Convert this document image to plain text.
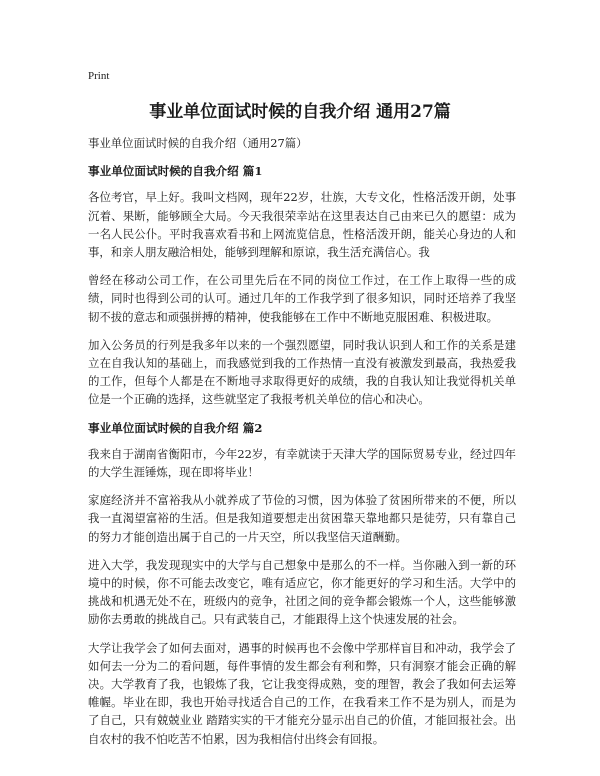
Print
事业单位面试时候的自我介绍 通用27篇

事业单位面试时候的自我介绍（通用27篇）

事业单位面试时候的自我介绍 篇1

各位考官，早上好。我叫文档网，现年22岁，壮族，大专文化，性格活泼开朗，处事沉着、果断，能够顾全大局。今天我很荣幸站在这里表达自己由来已久的愿望：成为一名人民公仆。平时我喜欢看书和上网流览信息，性格活泼开朗，能关心身边的人和事，和亲人朋友融洽相处，能够到理解和原谅，我生活充满信心。我

曾经在移动公司工作，在公司里先后在不同的岗位工作过，在工作上取得一些的成绩，同时也得到公司的认可。通过几年的工作我学到了很多知识，同时还培养了我坚韧不拔的意志和顽强拼搏的精神，使我能够在工作中不断地克服困难、积极进取。

加入公务员的行列是我多年以来的一个强烈愿望，同时我认识到人和工作的关系是建立在自我认知的基础上，而我感觉到我的工作热情一直没有被激发到最高，我热爱我的工作，但每个人都是在不断地寻求取得更好的成绩，我的自我认知让我觉得机关单位是一个正确的选择，这些就坚定了我报考机关单位的信心和决心。

事业单位面试时候的自我介绍 篇2

我来自于湖南省衡阳市，今年22岁，有幸就读于天津大学的国际贸易专业，经过四年的大学生涯锤炼，现在即将毕业！

家庭经济并不富裕我从小就养成了节俭的习惯，因为体验了贫困所带来的不便，所以我一直渴望富裕的生活。但是我知道要想走出贫困靠天靠地都只是徒劳，只有靠自己的努力才能创造出属于自己的一片天空，所以我坚信天道酬勤。

进入大学，我发现现实中的大学与自己想象中是那么的不一样。当你融入到一新的环境中的时候，你不可能去改变它，唯有适应它，你才能更好的学习和生活。大学中的挑战和机遇无处不在，班级内的竞争，社团之间的竞争都会锻炼一个人，这些能够激励你去勇敢的挑战自己。只有武装自己，才能跟得上这个快速发展的社会。

大学让我学会了如何去面对，遇事的时候再也不会像中学那样盲目和冲动，我学会了如何去一分为二的看问题，每件事情的发生都会有利和弊，只有洞察才能会正确的解决。大学教育了我，也锻炼了我，它让我变得成熟，变的理智，教会了我如何去运筹帷幄。毕业在即，我也开始寻找适合自己的工作，在我看来工作不是为别人，而是为了自己，只有兢兢业业 踏踏实实的干才能充分显示出自己的价值，才能回报社会。出自农村的我不怕吃苦不怕累，因为我相信付出终会有回报。
